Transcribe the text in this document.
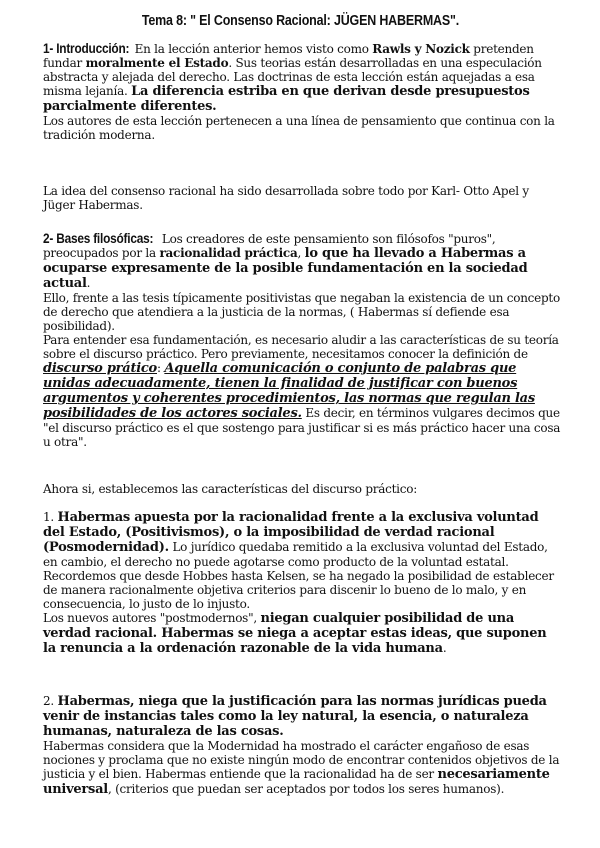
Tema 8: " El Consenso Racional: JÜGEN HABERMAS".
1- Introducción: En la lección anterior hemos visto como Rawls y Nozick pretenden fundar moralmente el Estado. Sus teorias están desarrolladas en una especulación
abstracta y alejada del derecho. Las doctrinas de esta lección están aquejadas a esa misma lejanía. La diferencia estriba en que derivan desde presupuestos parcialmente diferentes.
Los autores de esta lección pertenecen a una línea de pensamiento que continua con la tradición moderna.
La idea del consenso racional ha sido desarrollada sobre todo por Karl- Otto Apel y Jüger Habermas.
2- Bases filosóficas: Los creadores de este pensamiento son filósofos "puros", preocupados por la racionalidad práctica, lo que ha llevado a Habermas a ocuparse expresamente de la posible fundamentación en la sociedad actual.
Ello, frente a las tesis típicamente positivistas que negaban la existencia de un concepto de derecho que atendiera a la justicia de la normas, ( Habermas sí defiende esa posibilidad).
Para entender esa fundamentación, es necesario aludir a las características de su teoría sobre el discurso práctico. Pero previamente, necesitamos conocer la definición de discurso prático: Aquella comunicación o conjunto de palabras que unidas adecuadamente, tienen la finalidad de justificar con buenos argumentos y coherentes procedimientos, las normas que regulan las posibilidades de los actores sociales. Es decir, en términos vulgares decimos que "el discurso práctico es el que sostengo para justificar si es más práctico hacer una cosa u otra".
Ahora si, establecemos las características del discurso práctico:
1. Habermas apuesta por la racionalidad frente a la exclusiva voluntad del Estado, (Positivismos), o la imposibilidad de verdad racional (Posmodernidad). Lo jurídico quedaba remitido a la exclusiva voluntad del Estado, en cambio, el derecho no puede agotarse como producto de la voluntad estatal. Recordemos que desde Hobbes hasta Kelsen, se ha negado la posibilidad de establecer de manera racionalmente objetiva criterios para discenir lo bueno de lo malo, y en consecuencia, lo justo de lo injusto.
Los nuevos autores "postmodernos", niegan cualquier posibilidad de una verdad racional. Habermas se niega a aceptar estas ideas, que suponen la renuncia a la ordenación razonable de la vida humana.
2. Habermas, niega que la justificación para las normas jurídicas pueda venir de instancias tales como la ley natural, la esencia, o naturaleza humanas, naturaleza de las cosas.
Habermas considera que la Modernidad ha mostrado el carácter engañoso de esas nociones y proclama que no existe ningún modo de encontrar contenidos objetivos de la justicia y el bien. Habermas entiende que la racionalidad ha de ser necesariamente universal, (criterios que puedan ser aceptados por todos los seres humanos).
